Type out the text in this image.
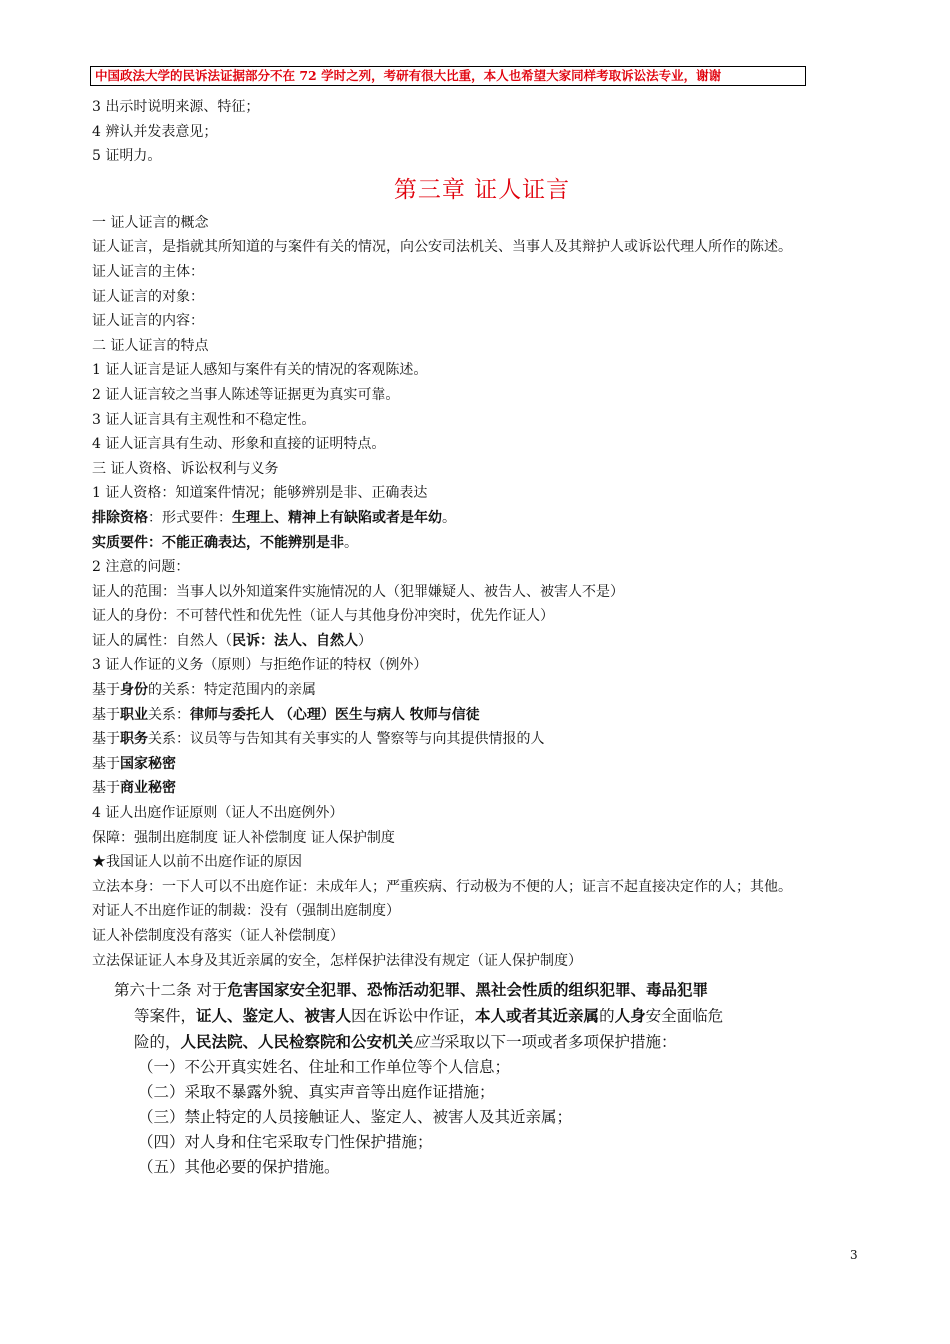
中国政法大学的民诉法证据部分不在 72 学时之列，考研有很大比重，本人也希望大家同样考取诉讼法专业，谢谢

3 出示时说明来源、特征；

4 辨认并发表意见；

5 证明力。

第三章 证人证言

一 证人证言的概念

证人证言，是指就其所知道的与案件有关的情况，向公安司法机关、当事人及其辩护人或诉讼代理人所作的陈述。

证人证言的主体：

证人证言的对象：

证人证言的内容：

二 证人证言的特点

1 证人证言是证人感知与案件有关的情况的客观陈述。

2 证人证言较之当事人陈述等证据更为真实可靠。

3 证人证言具有主观性和不稳定性。

4 证人证言具有生动、形象和直接的证明特点。

三 证人资格、诉讼权利与义务

1 证人资格：知道案件情况；能够辨别是非、正确表达

排除资格：形式要件：生理上、精神上有缺陷或者是年幼。

实质要件：不能正确表达，不能辨别是非。

2 注意的问题：

证人的范围：当事人以外知道案件实施情况的人（犯罪嫌疑人、被告人、被害人不是）

证人的身份：不可替代性和优先性（证人与其他身份冲突时，优先作证人）

证人的属性：自然人（民诉：法人、自然人）

3 证人作证的义务（原则）与拒绝作证的特权（例外）

基于身份的关系：特定范围内的亲属

基于职业关系：律师与委托人 （心理）医生与病人 牧师与信徒

基于职务关系：议员等与告知其有关事实的人 警察等与向其提供情报的人

基于国家秘密

基于商业秘密

4 证人出庭作证原则（证人不出庭例外）

保障：强制出庭制度 证人补偿制度 证人保护制度

★我国证人以前不出庭作证的原因

立法本身：一下人可以不出庭作证：未成年人；严重疾病、行动极为不便的人；证言不起直接决定作的人；其他。

对证人不出庭作证的制裁：没有（强制出庭制度）

证人补偿制度没有落实（证人补偿制度）

立法保证证人本身及其近亲属的安全，怎样保护法律没有规定（证人保护制度）

第六十二条 对于危害国家安全犯罪、恐怖活动犯罪、黑社会性质的组织犯罪、毒品犯罪

等案件，证人、鉴定人、被害人因在诉讼中作证，本人或者其近亲属的人身安全面临危

险的，人民法院、人民检察院和公安机关应当采取以下一项或者多项保护措施：

（一）不公开真实姓名、住址和工作单位等个人信息；

（二）采取不暴露外貌、真实声音等出庭作证措施；

（三）禁止特定的人员接触证人、鉴定人、被害人及其近亲属；

（四）对人身和住宅采取专门性保护措施；

（五）其他必要的保护措施。

3
